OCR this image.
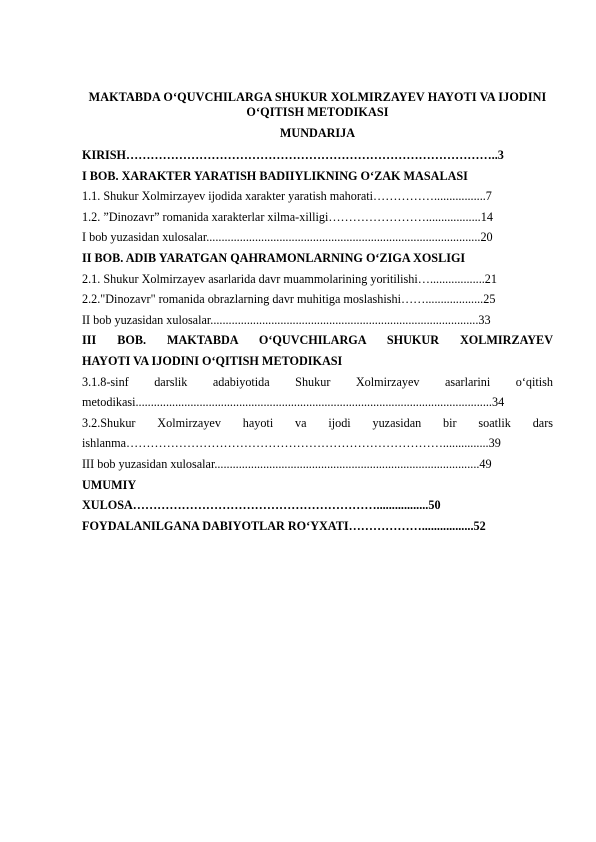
MAKTABDA O‘QUVCHILARGA SHUKUR XOLMIRZAYEV HAYOTI VA IJODINI O‘QITISH METODIKASI
MUNDARIJA
KIRISH……………………………………………………………………………….. 3
I BOB. XARAKTER YARATISH BADIIYLIKNING O‘ZAK MASALASI
1.1. Shukur Xolmirzayev ijodida xarakter yaratish mahorati……………................. 7
1.2. ”Dinozavr” romanida xarakterlar xilma-xilligi…………………….................. 14
I bob yuzasidan xulosalar.......................................................................................... 20
II BOB. ADIB YARATGAN QAHRAMONLARNING O‘ZIGA XOSLIGI
2.1. Shukur Xolmirzayev asarlarida davr muammolarining yoritilishi….................. 21
2.2."Dinozavr" romanida obrazlarning davr muhitiga moslashishi……................... 25
II bob yuzasidan xulosalar........................................................................................ 33
III BOB. MAKTABDA O‘QUVCHILARGA SHUKUR XOLMIRZAYEV
HAYOTI VA IJODINI O‘QITISH METODIKASI
3.1.8-sinf darslik adabiyotida Shukur Xolmirzayev asarlarini o‘qitish
metodikasi..................................................................................................................... 34
3.2.Shukur Xolmirzayev hayoti va ijodi yuzasidan bir soatlik dars
ishlanma……………………………………………………………………............... 39
III bob yuzasidan xulosalar....................................................................................... 49
UMUMIY
XULOSA……………………………………………………................. 50
FOYDALANILGANA DABIYOTLAR RO‘YXATI………………................. 52
